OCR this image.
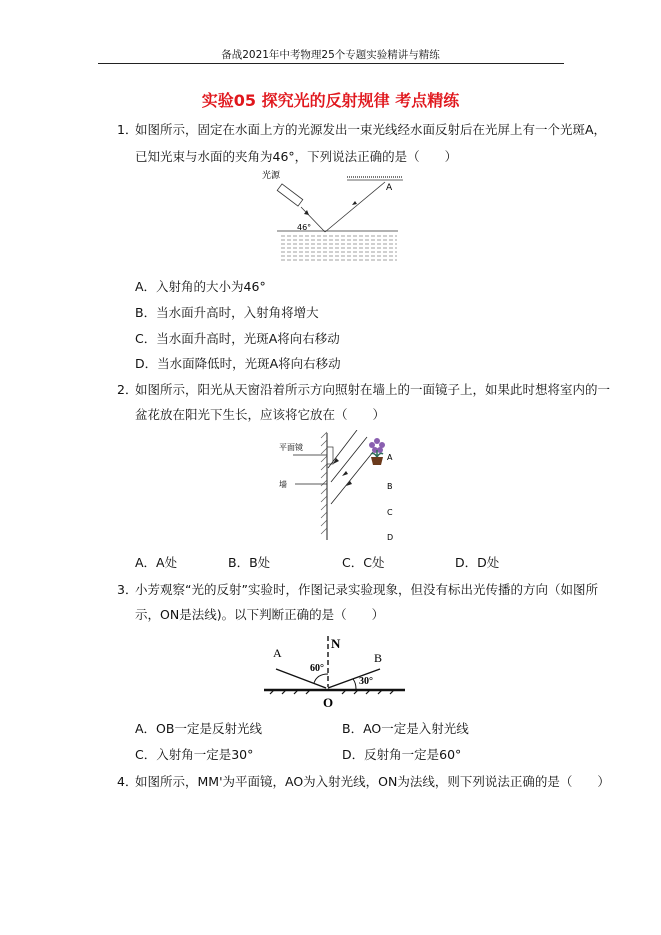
备战2021年中考物理25个专题实验精讲与精练
实验05 探究光的反射规律 考点精练
1．
如图所示，固定在水面上方的光源发出一束光线经水面反射后在光屏上有一个光斑A，
已知光束与水面的夹角为46°，下列说法正确的是（　　）
光源
A
46°
A．入射角的大小为46°
B．当水面升高时，入射角将增大
C．当水面升高时，光斑A将向右移动
D．当水面降低时，光斑A将向右移动
2．
如图所示，阳光从天窗沿着所示方向照射在墙上的一面镜子上，如果此时想将室内的一
盆花放在阳光下生长，应该将它放在（　　）
平面镜
墙
A
B
C
D
A．A处	B．B处	C．C处	D．D处
3．
小芳观察“光的反射”实验时，作图记录实验现象，但没有标出光传播的方向（如图所
示，ON是法线)。以下判断正确的是（　　）
N
A	B
O
60°
30°
A．OB一定是反射光线	B．AO一定是入射光线
C．入射角一定是30°	D．反射角一定是60°
4．
如图所示，MM'为平面镜，AO为入射光线，ON为法线，则下列说法正确的是（　　）
